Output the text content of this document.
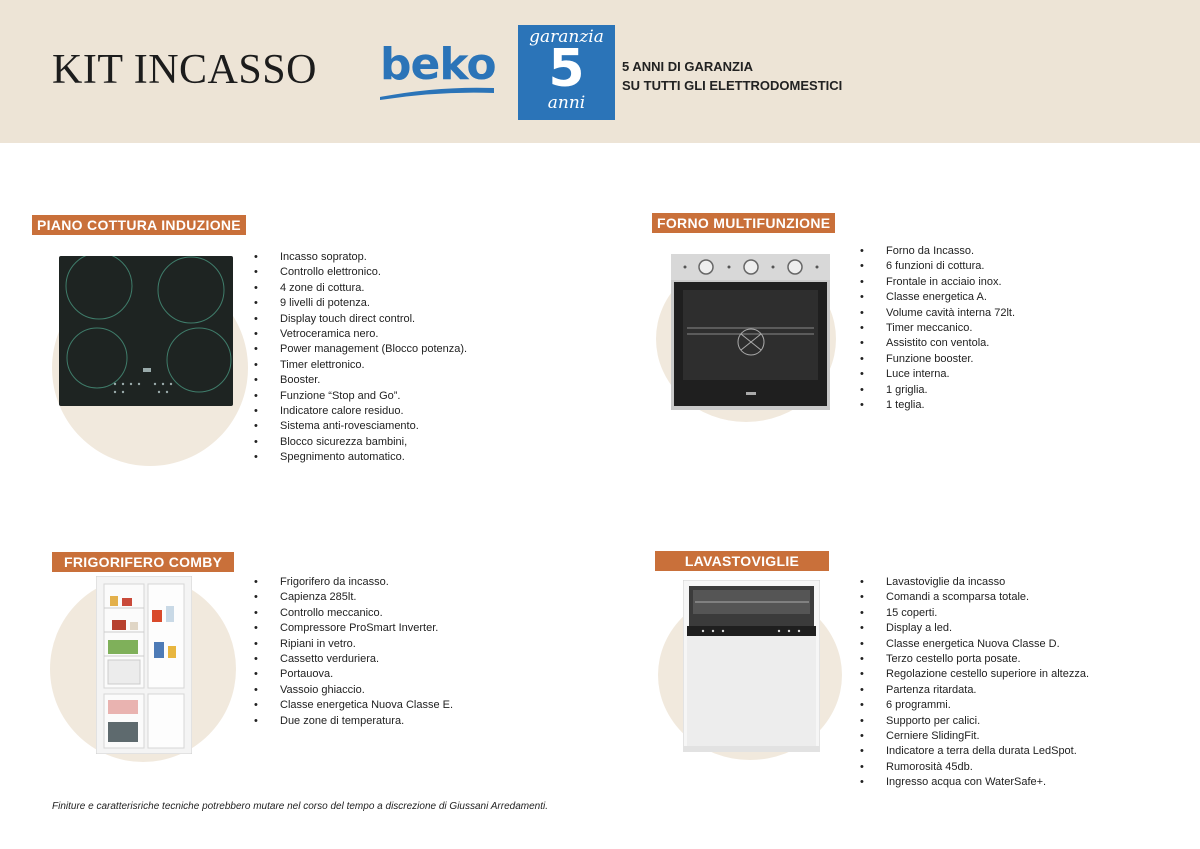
KIT INCASSO beko
garanzia
5
anni
5 ANNI DI GARANZIA
SU TUTTI GLI ELETTRODOMESTICI
PIANO COTTURA INDUZIONE
• Incasso sopratop.
• Controllo elettronico.
• 4 zone di cottura.
• 9 livelli di potenza.
• Display touch direct control.
• Vetroceramica nero.
• Power management (Blocco potenza).
• Timer elettronico.
• Booster.
• Funzione “Stop and Go”.
• Indicatore calore residuo.
• Sistema anti-rovesciamento.
• Blocco sicurezza bambini,
• Spegnimento automatico.
FORNO MULTIFUNZIONE
• Forno da Incasso.
• 6 funzioni di cottura.
• Frontale in acciaio inox.
• Classe energetica A.
• Volume cavità interna 72lt.
• Timer meccanico.
• Assistito con ventola.
• Funzione booster.
• Luce interna.
• 1 griglia.
• 1 teglia.
FRIGORIFERO COMBY
• Frigorifero da incasso.
• Capienza 285lt.
• Controllo meccanico.
• Compressore ProSmart Inverter.
• Ripiani in vetro.
• Cassetto verduriera.
• Portauova.
• Vassoio ghiaccio.
• Classe energetica Nuova Classe E.
• Due zone di temperatura.
LAVASTOVIGLIE
• Lavastoviglie da incasso
• Comandi a scomparsa totale.
• 15 coperti.
• Display a led.
• Classe energetica Nuova Classe D.
• Terzo cestello porta posate.
• Regolazione cestello superiore in altezza.
• Partenza ritardata.
• 6 programmi.
• Supporto per calici.
• Cerniere SlidingFit.
• Indicatore a terra della durata LedSpot.
• Rumorosità 45db.
• Ingresso acqua con WaterSafe+.
Finiture e caratterisriche tecniche potrebbero mutare nel corso del tempo a discrezione di Giussani Arredamenti.
